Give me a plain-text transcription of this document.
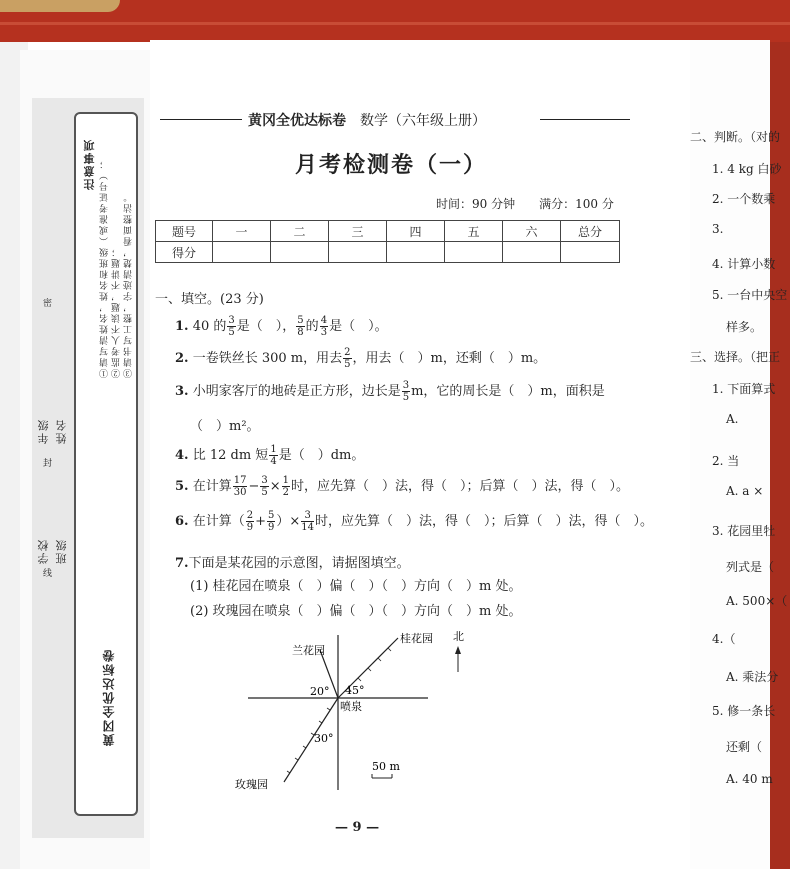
注意事项 ①请写清姓名，姓名和班级（或准考证号）； ②监考人不读题，不讲题； ③请书写工整，字迹清楚，看面整洁。
黄冈全优达标卷
学校
年级
班级
姓名
密
封
线
黄冈全优达标卷　 数学（六年级上册）
月考检测卷（一）
时间：90 分钟　　 满分：100 分
题号	一	二	三	四	五	六	总分
得分							
一、填空。(23 分)
1. 40 的 $\frac{3}{5}$ 是（　）， $\frac{5}{8}$ 的 $\frac{4}{3}$ 是（　）。
2. 一卷铁丝长 300 m，用去 $\frac{2}{5}$ ，用去（　）m，还剩（　）m。
3. 小明家客厅的地砖是正方形，边长是 $\frac{3}{5}$ m，它的周长是（　）m，面积是
（　）m²。
4. 比 12 dm 短 $\frac{1}{4}$ 是（　）dm。
5. 在计算 $\frac{17}{30} - \frac{3}{5} \times \frac{1}{2}$ 时，应先算（　）法，得（　）；后算（　）法，得（　）。
6. 在计算（ $\frac{2}{9} + \frac{5}{9}$ ）× $\frac{3}{14}$ 时，应先算（　）法，得（　）；后算（　）法，得（　）。
7.下面是某花园的示意图，请据图填空。
(1) 桂花园在喷泉（　）偏（　）（　）方向（　）m 处。
(2) 玫瑰园在喷泉（　）偏（　）（　）方向（　）m 处。
北
兰花园
桂花园
喷泉
玫瑰园
20° 45°
30°
50 m
— 9 —
二、判断。（对的
1. 4 kg 白砂
2. 一个数乘
3.
4. 计算小数
5. 一台中央空
样多。
三、选择。（把正
1. 下面算式
A.
2. 当
A. a ×
3. 花园里牡
列式是（
A. 500×（
4.（
A. 乘法分
5. 修一条长
还剩（
A. 40 m
